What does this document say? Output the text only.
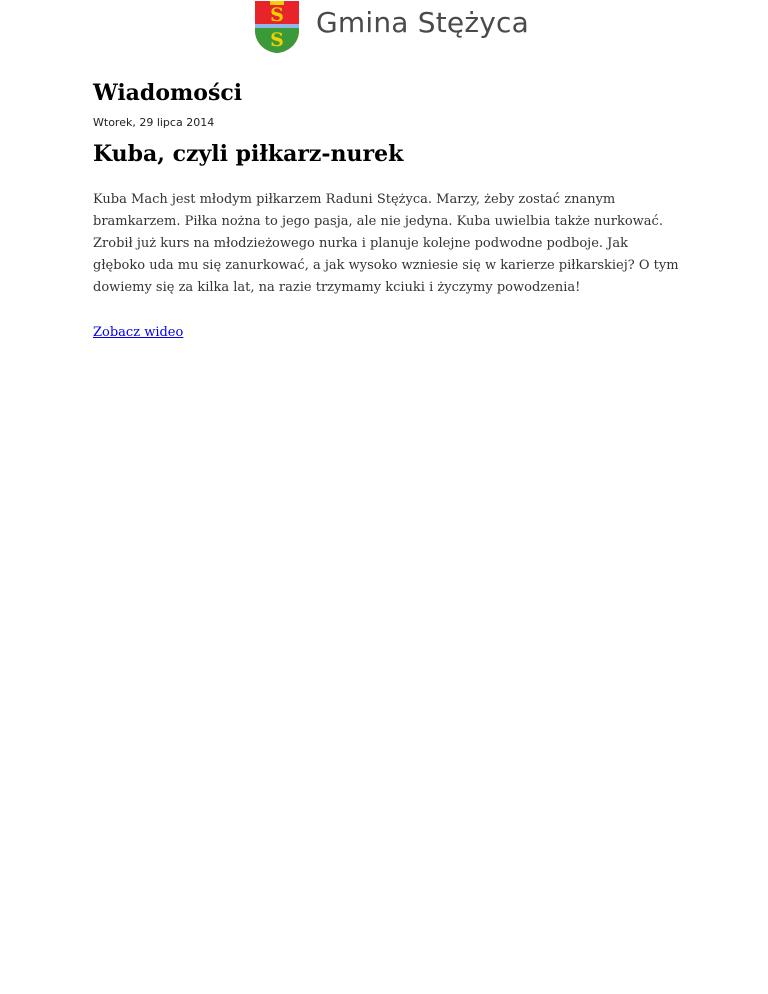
S
S
Gmina Stężyca
Wiadomości
Wtorek, 29 lipca 2014
Kuba, czyli piłkarz-nurek
Kuba Mach jest młodym piłkarzem Raduni Stężyca. Marzy, żeby zostać znanym bramkarzem. Piłka nożna to jego pasja, ale nie jedyna. Kuba uwielbia także nurkować. Zrobił już kurs na młodzieżowego nurka i planuje kolejne podwodne podboje. Jak głęboko uda mu się zanurkować, a jak wysoko wzniesie się w karierze piłkarskiej? O tym dowiemy się za kilka lat, na razie trzymamy kciuki i życzymy powodzenia!
Zobacz wideo
